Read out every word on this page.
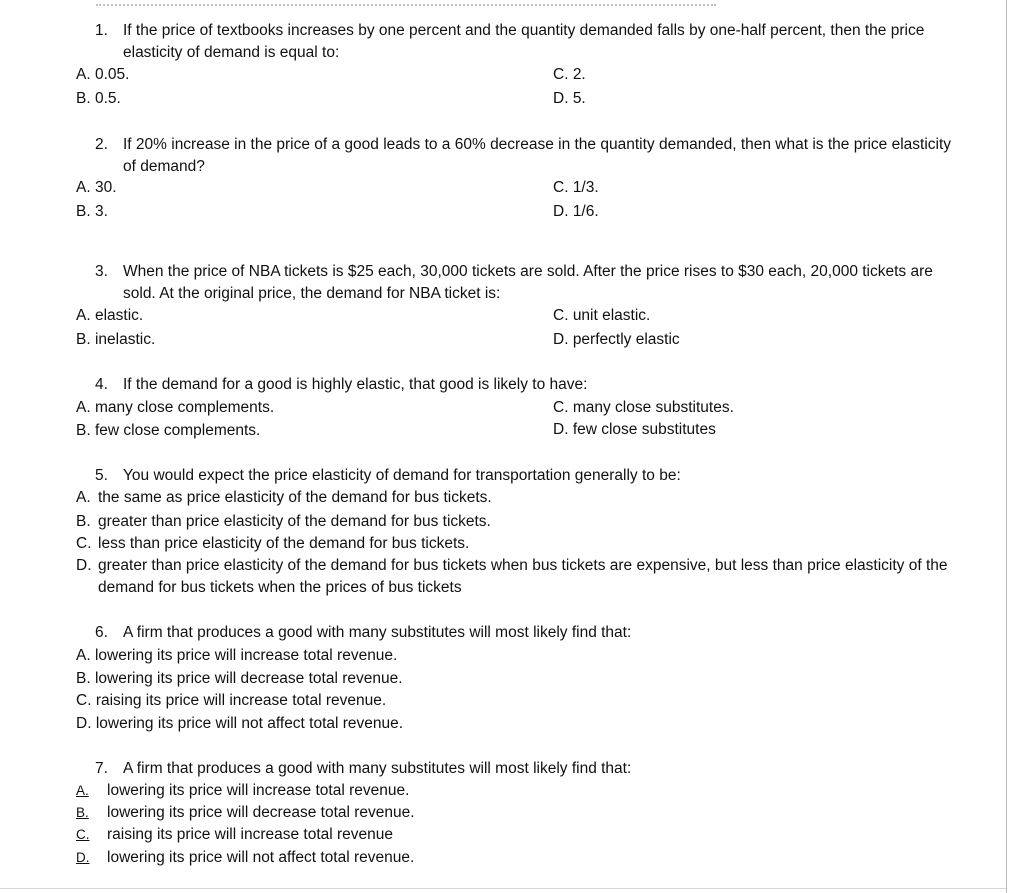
1. If the price of textbooks increases by one percent and the quantity demanded falls by one-half percent, then the price elasticity of demand is equal to:
A. 0.05.
B. 0.5.
C. 2.
D. 5.
2. If 20% increase in the price of a good leads to a 60% decrease in the quantity demanded, then what is the price elasticity of demand?
A. 30.
B. 3.
C. 1/3.
D. 1/6.
3. When the price of NBA tickets is $25 each, 30,000 tickets are sold. After the price rises to $30 each, 20,000 tickets are sold. At the original price, the demand for NBA ticket is:
A. elastic.
B. inelastic.
C. unit elastic.
D. perfectly elastic
4. If the demand for a good is highly elastic, that good is likely to have:
A. many close complements.
B. few close complements.
C. many close substitutes.
D. few close substitutes
5. You would expect the price elasticity of demand for transportation generally to be:
A. the same as price elasticity of the demand for bus tickets.
B. greater than price elasticity of the demand for bus tickets.
C. less than price elasticity of the demand for bus tickets.
D. greater than price elasticity of the demand for bus tickets when bus tickets are expensive, but less than price elasticity of the demand for bus tickets when the prices of bus tickets
6. A firm that produces a good with many substitutes will most likely find that:
A. lowering its price will increase total revenue.
B. lowering its price will decrease total revenue.
C. raising its price will increase total revenue.
D. lowering its price will not affect total revenue.
7. A firm that produces a good with many substitutes will most likely find that:
A. lowering its price will increase total revenue.
B. lowering its price will decrease total revenue.
C. raising its price will increase total revenue
D. lowering its price will not affect total revenue.
